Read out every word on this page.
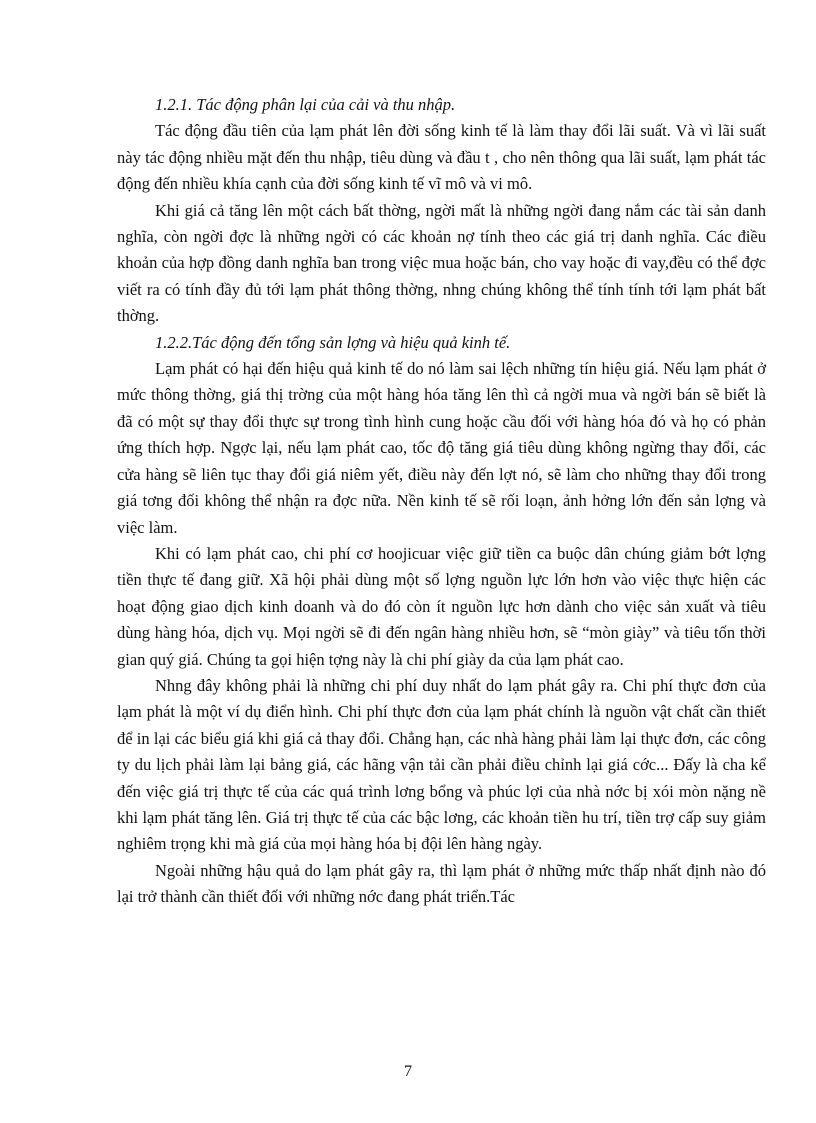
1.2.1. Tác động phân lại của cải và thu nhập.

Tác động đầu tiên của lạm phát lên đời sống kinh tế là làm thay đổi lãi suất. Và vì lãi suất này tác động nhiều mặt đến thu nhập, tiêu dùng và đầu t , cho nên thông qua lãi suất, lạm phát tác động đến nhiều khía cạnh của đời sống kinh tế vĩ mô và vi mô.

Khi giá cả tăng lên một cách bất thờng, ngời mất là những ngời đang nắm các tài sản danh nghĩa, còn ngời đợc là những ngời có các khoản nợ tính theo các giá trị danh nghĩa. Các điều khoản của hợp đồng danh nghĩa ban trong việc mua hoặc bán, cho vay hoặc đi vay,đều có thể đợc viết ra có tính đầy đủ tới lạm phát thông thờng, nhng chúng không thể tính tính tới lạm phát bất thờng.

1.2.2.Tác động đến tổng sản lợng và hiệu quả kinh tế.

Lạm phát có hại đến hiệu quả kinh tế do nó làm sai lệch những tín hiệu giá. Nếu lạm phát ở mức thông thờng, giá thị trờng của một hàng hóa tăng lên thì cả ngời mua và ngời bán sẽ biết là đã có một sự thay đổi thực sự trong tình hình cung hoặc cầu đối với hàng hóa đó và họ có phản ứng thích hợp. Ngợc lại, nếu lạm phát cao, tốc độ tăng giá tiêu dùng không ngừng thay đổi, các cửa hàng sẽ liên tục thay đổi giá niêm yết, điều này đến lợt nó, sẽ làm cho những thay đổi trong giá tơng đối không thể nhận ra đợc nữa. Nền kinh tế sẽ rối loạn, ảnh hởng lớn đến sản lợng và việc làm.

Khi có lạm phát cao, chi phí cơ hoojicuar việc giữ tiền ca buộc dân chúng giảm bớt lợng tiền thực tế đang giữ. Xã hội phải dùng một số lợng nguồn lực lớn hơn vào việc thực hiện các hoạt động giao dịch kinh doanh và do đó còn ít nguồn lực hơn dành cho việc sản xuất và tiêu dùng hàng hóa, dịch vụ. Mọi ngời sẽ đi đến ngân hàng nhiều hơn, sẽ “mòn giày” và tiêu tốn thời gian quý giá. Chúng ta gọi hiện tợng này là chi phí giày da của lạm phát cao.

Nhng đây không phải là những chi phí duy nhất do lạm phát gây ra. Chi phí thực đơn của lạm phát là một ví dụ điển hình. Chi phí thực đơn của lạm phát chính là nguồn vật chất cần thiết để in lại các biểu giá khi giá cả thay đổi. Chẳng hạn, các nhà hàng phải làm lại thực đơn, các công ty du lịch phải làm lại bảng giá, các hãng vận tải cần phải điều chỉnh lại giá cớc... Đấy là cha kể đến việc giá trị thực tế của các quá trình lơng bổng và phúc lợi của nhà nớc bị xói mòn nặng nề khi lạm phát tăng lên. Giá trị thực tế của các bậc lơng, các khoản tiền hu trí, tiền trợ cấp suy giảm nghiêm trọng khi mà giá của mọi hàng hóa bị đội lên hàng ngày.

Ngoài những hậu quả do lạm phát gây ra, thì lạm phát ở những mức thấp nhất định nào đó lại trở thành cần thiết đối với những nớc đang phát triển.Tác

7
